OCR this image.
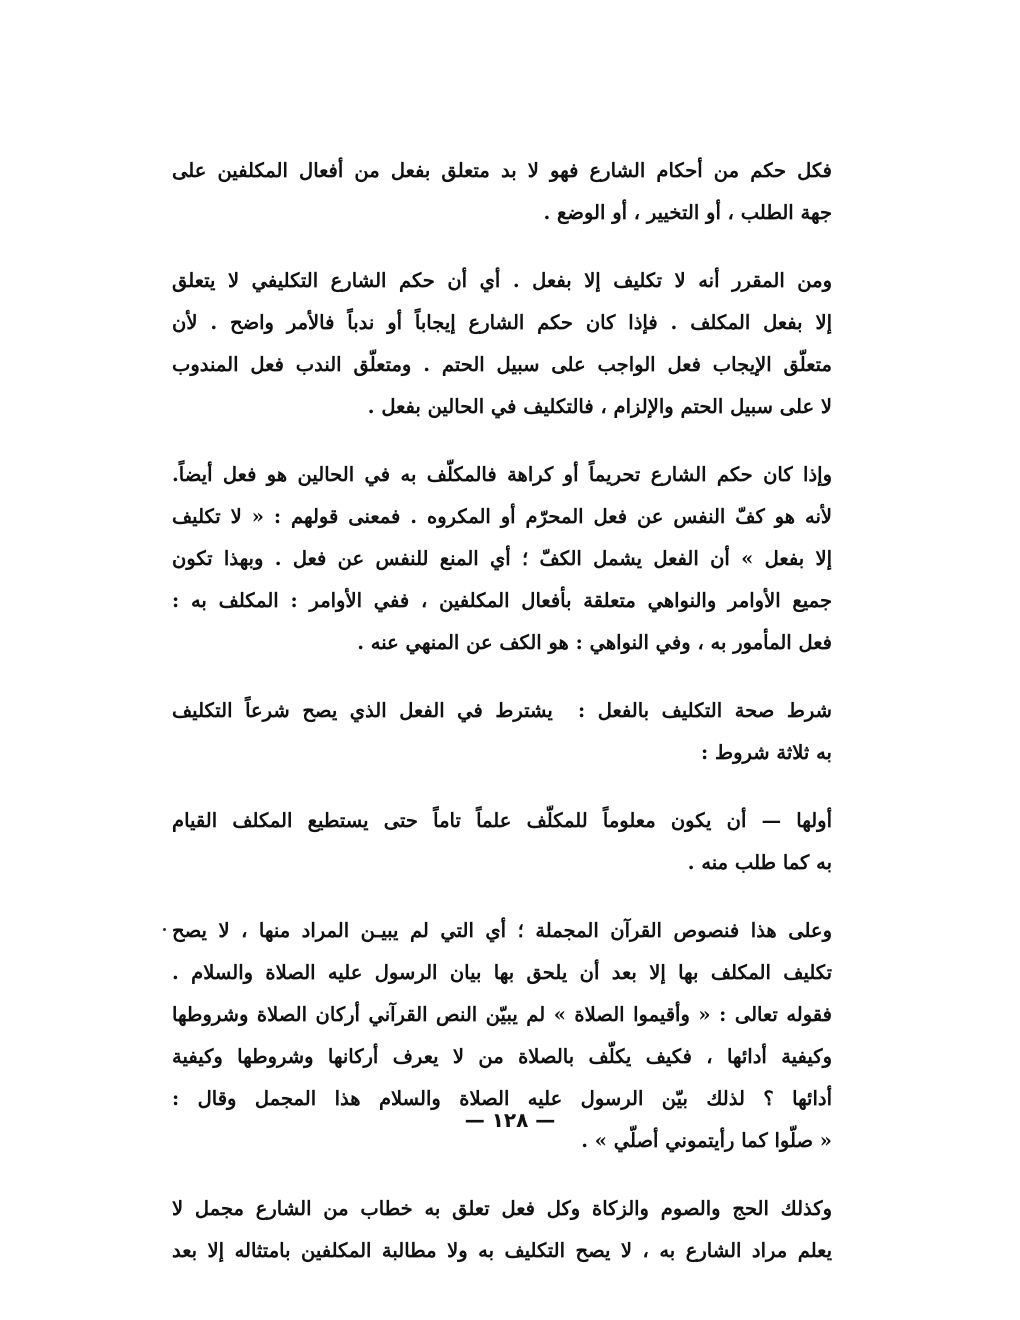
فكل حكم من أحكام الشارع فهو لا بد متعلق بفعل من أفعال المكلفين على
جهة الطلب ، أو التخيير ، أو الوضع .
ومن المقرر أنه لا تكليف إلا بفعل . أي أن حكم الشارع التكليفي لا يتعلق
إلا بفعل المكلف . فإذا كان حكم الشارع إيجاباً أو ندباً فالأمر واضح . لأن
متعلّق الإيجاب فعل الواجب على سبيل الحتم . ومتعلّق الندب فعل المندوب
لا على سبيل الحتم والإلزام ، فالتكليف في الحالين بفعل .
وإذا كان حكم الشارع تحريماً أو كراهة فالمكلّف به في الحالين هو فعل أيضاً.
لأنه هو كفّ النفس عن فعل المحرّم أو المكروه . فمعنى قولهم : « لا تكليف
إلا بفعل » أن الفعل يشمل الكفّ ؛ أي المنع للنفس عن فعل . وبهذا تكون
جميع الأوامر والنواهي متعلقة بأفعال المكلفين ، ففي الأوامر : المكلف به :
فعل المأمور به ، وفي النواهي : هو الكف عن المنهي عنه .
شرط صحة التكليف بالفعل :  يشترط في الفعل الذي يصح شرعاً التكليف
به ثلاثة شروط :
أولها — أن يكون معلوماً للمكلّف علماً تاماً حتى يستطيع المكلف القيام
به كما طلب منه .
وعلى هذا فنصوص القرآن المجملة ؛ أي التي لم يبيـن المراد منها ، لا يصح
تكليف المكلف بها إلا بعد أن يلحق بها بيان الرسول عليه الصلاة والسلام .
فقوله تعالى : « وأقيموا الصلاة » لم يبيّن النص القرآني أركان الصلاة وشروطها
وكيفية أدائها ، فكيف يكلّف بالصلاة من لا يعرف أركانها وشروطها وكيفية
أدائها ؟ لذلك بيّن الرسول عليه الصلاة والسلام هذا المجمل وقال :
« صلّوا كما رأيتموني أصلّي » .
وكذلك الحج والصوم والزكاة وكل فعل تعلق به خطاب من الشارع مجمل لا
يعلم مراد الشارع به ، لا يصح التكليف به ولا مطالبة المكلفين بامتثاله إلا بعد
— ١٢٨ —
